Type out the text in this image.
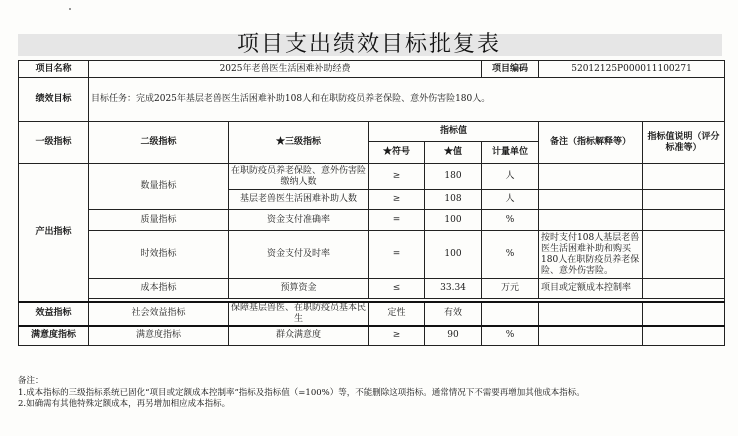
项目支出绩效目标批复表
项目名称	2025年老兽医生活困难补助经费				项目编码	52012125P000011100271	
绩效目标	目标任务：完成2025年基层老兽医生活困难补助108人和在职防疫员养老保险、意外伤害险180人。						
一级指标	二级指标	★三级指标	指标值			备注（指标解释等）	指标值说明（评分标准等）
			★符号	★值	计量单位		
产出指标	数量指标	在职防疫员养老保险、意外伤害险缴纳人数	≥	180	人		
		基层老兽医生活困难补助人数	≥	108	人		
	质量指标	资金支付准确率	=	100	%		
	时效指标	资金支付及时率	=	100	%	按时支付108人基层老兽医生活困难补助和购买180人在职防疫员养老保险、意外伤害险。	
	成本指标	预算资金	≤	33.34	万元	项目或定额成本控制率	

效益指标	社会效益指标	保障基层兽医、在职防疫员基本民生	定性	有效			
满意度指标	满意度指标	群众满意度	≥	90	%		
备注：
1.成本指标的三级指标系统已固化“项目或定额成本控制率”指标及指标值（=100%）等，不能删除这项指标。通常情况下不需要再增加其他成本指标。
2.如确需有其他特殊定额成本，再另增加相应成本指标。
